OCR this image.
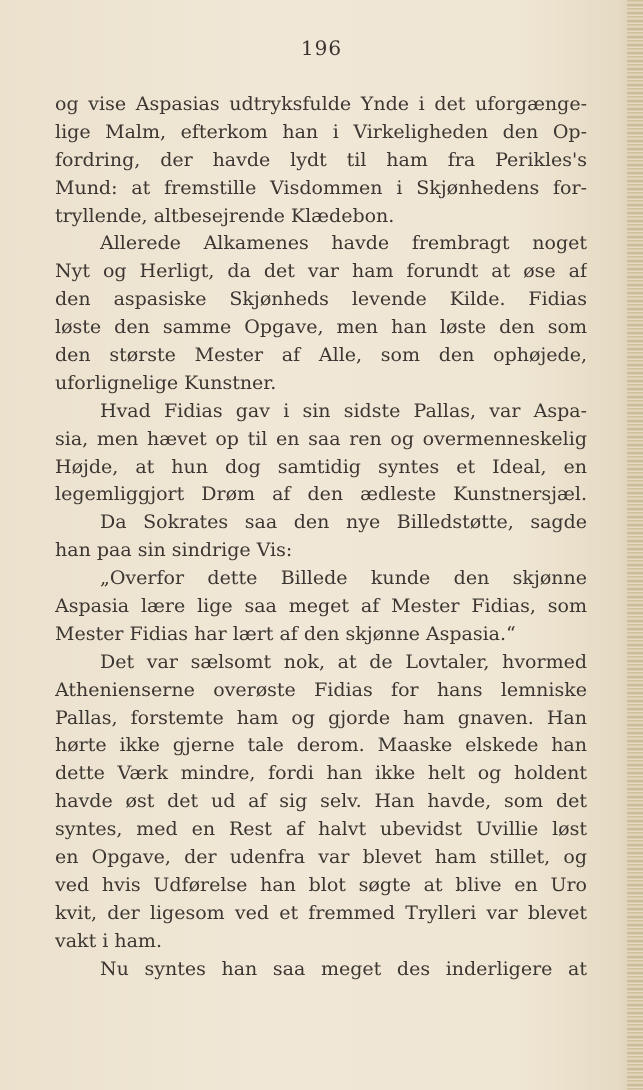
196
og vise Aspasias udtryksfulde Ynde i det uforgænge-
lige Malm, efterkom han i Virkeligheden den Op-
fordring, der havde lydt til ham fra Perikles's
Mund: at fremstille Visdommen i Skjønhedens for-
tryllende, altbesejrende Klædebon.
Allerede Alkamenes havde frembragt noget
Nyt og Herligt, da det var ham forundt at øse af
den aspasiske Skjønheds levende Kilde. Fidias
løste den samme Opgave, men han løste den som
den største Mester af Alle, som den ophøjede,
uforlignelige Kunstner.
Hvad Fidias gav i sin sidste Pallas, var Aspa-
sia, men hævet op til en saa ren og overmenneskelig
Højde, at hun dog samtidig syntes et Ideal, en
legemliggjort Drøm af den ædleste Kunstnersjæl.
Da Sokrates saa den nye Billedstøtte, sagde
han paa sin sindrige Vis:
„Overfor dette Billede kunde den skjønne
Aspasia lære lige saa meget af Mester Fidias, som
Mester Fidias har lært af den skjønne Aspasia.“
Det var sælsomt nok, at de Lovtaler, hvormed
Athenienserne overøste Fidias for hans lemniske
Pallas, forstemte ham og gjorde ham gnaven. Han
hørte ikke gjerne tale derom. Maaske elskede han
dette Værk mindre, fordi han ikke helt og holdent
havde øst det ud af sig selv. Han havde, som det
syntes, med en Rest af halvt ubevidst Uvillie løst
en Opgave, der udenfra var blevet ham stillet, og
ved hvis Udførelse han blot søgte at blive en Uro
kvit, der ligesom ved et fremmed Trylleri var blevet
vakt i ham.
Nu syntes han saa meget des inderligere at
